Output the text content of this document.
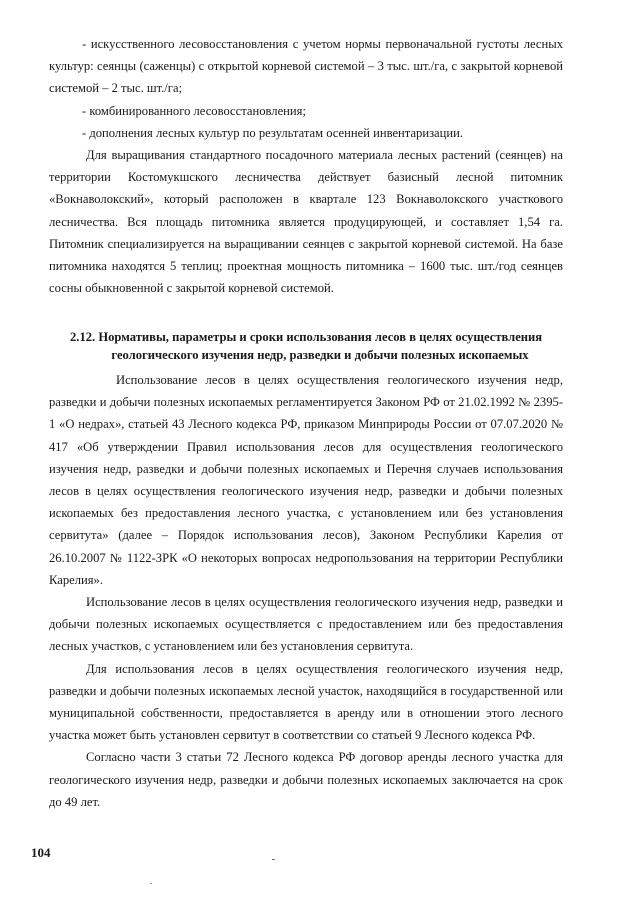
- искусственного лесовосстановления с учетом нормы первоначальной густоты лесных культур: сеянцы (саженцы) с открытой корневой системой – 3 тыс. шт./га, с закрытой корневой системой – 2 тыс. шт./га;

- комбинированного лесовосстановления;

- дополнения лесных культур по результатам осенней инвентаризации.

Для выращивания стандартного посадочного материала лесных растений (сеянцев) на территории Костомукшского лесничества действует базисный лесной питомник «Вокнаволокский», который расположен в квартале 123 Вокнаволокского участкового лесничества. Вся площадь питомника является продуцирующей, и составляет 1,54 га. Питомник специализируется на выращивании сеянцев с закрытой корневой системой. На базе питомника находятся 5 теплиц; проектная мощность питомника – 1600 тыс. шт./год сеянцев сосны обыкновенной с закрытой корневой системой.

2.12. Нормативы, параметры и сроки использования лесов в целях осуществления
геологического изучения недр, разведки и добычи полезных ископаемых

Использование лесов в целях осуществления геологического изучения недр, разведки и добычи полезных ископаемых регламентируется Законом РФ от 21.02.1992 № 2395-1 «О недрах», статьей 43 Лесного кодекса РФ, приказом Минприроды России от 07.07.2020 № 417 «Об утверждении Правил использования лесов для осуществления геологического изучения недр, разведки и добычи полезных ископаемых и Перечня случаев использования лесов в целях осуществления геологического изучения недр, разведки и добычи полезных ископаемых без предоставления лесного участка, с установлением или без установления сервитута» (далее – Порядок использования лесов), Законом Республики Карелия от 26.10.2007 № 1122-ЗРК «О некоторых вопросах недропользования на территории Республики Карелия».

Использование лесов в целях осуществления геологического изучения недр, разведки и добычи полезных ископаемых осуществляется с предоставлением или без предоставления лесных участков, с установлением или без установления сервитута.

Для использования лесов в целях осуществления геологического изучения недр, разведки и добычи полезных ископаемых лесной участок, находящийся в государственной или муниципальной собственности, предоставляется в аренду или в отношении этого лесного участка может быть установлен сервитут в соответствии со статьей 9 Лесного кодекса РФ.

Согласно части 3 статьи 72 Лесного кодекса РФ договор аренды лесного участка для геологического изучения недр, разведки и добычи полезных ископаемых заключается на срок до 49 лет.

104
